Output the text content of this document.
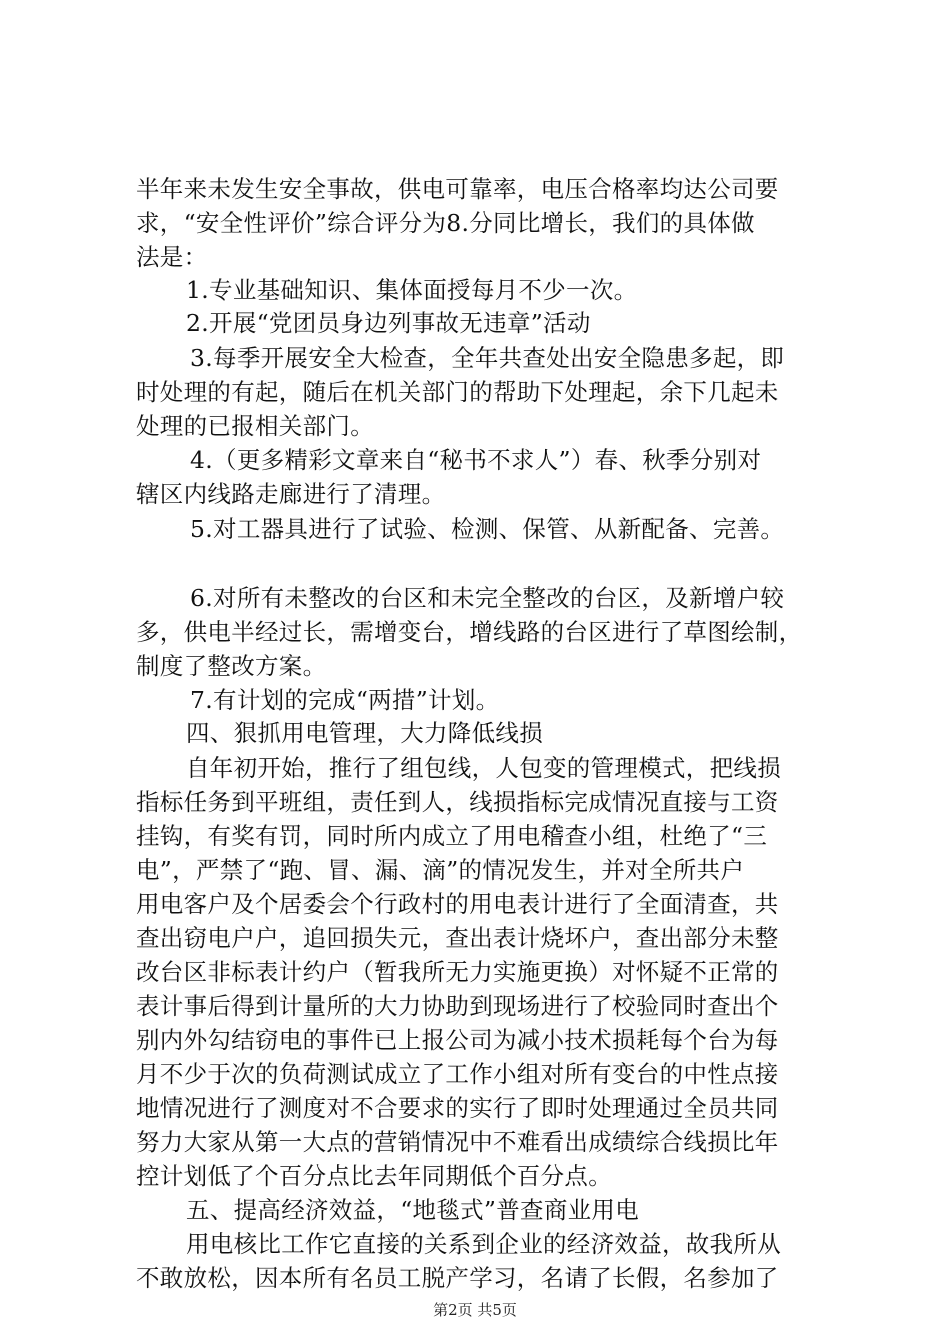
半年来未发生安全事故，供电可靠率，电压合格率均达公司要
求，“安全性评价”综合评分为8.分同比增长，我们的具体做
法是：
1.专业基础知识、集体面授每月不少一次。
2.开展“党团员身边列事故无违章”活动
3.每季开展安全大检查，全年共查处出安全隐患多起，即
时处理的有起，随后在机关部门的帮助下处理起，余下几起未
处理的已报相关部门。
4.（更多精彩文章来自“秘书不求人”）春、秋季分别对
辖区内线路走廊进行了清理。
5.对工器具进行了试验、检测、保管、从新配备、完善。
6.对所有未整改的台区和未完全整改的台区，及新增户较
多，供电半经过长，需增变台，增线路的台区进行了草图绘制，
制度了整改方案。
7.有计划的完成“两措”计划。
四、狠抓用电管理，大力降低线损
自年初开始，推行了组包线，人包变的管理模式，把线损
指标任务到平班组，责任到人，线损指标完成情况直接与工资
挂钩，有奖有罚，同时所内成立了用电稽查小组，杜绝了“三
电”，严禁了“跑、冒、漏、滴”的情况发生，并对全所共户
用电客户及个居委会个行政村的用电表计进行了全面清查，共
查出窃电户户，追回损失元，查出表计烧坏户，查出部分未整
改台区非标表计约户（暂我所无力实施更换）对怀疑不正常的
表计事后得到计量所的大力协助到现场进行了校验同时查出个
别内外勾结窃电的事件已上报公司为减小技术损耗每个台为每
月不少于次的负荷测试成立了工作小组对所有变台的中性点接
地情况进行了测度对不合要求的实行了即时处理通过全员共同
努力大家从第一大点的营销情况中不难看出成绩综合线损比年
控计划低了个百分点比去年同期低个百分点。
五、提高经济效益，“地毯式”普查商业用电
用电核比工作它直接的关系到企业的经济效益，故我所从
不敢放松，因本所有名员工脱产学习，名请了长假，名参加了
第2页 共5页
